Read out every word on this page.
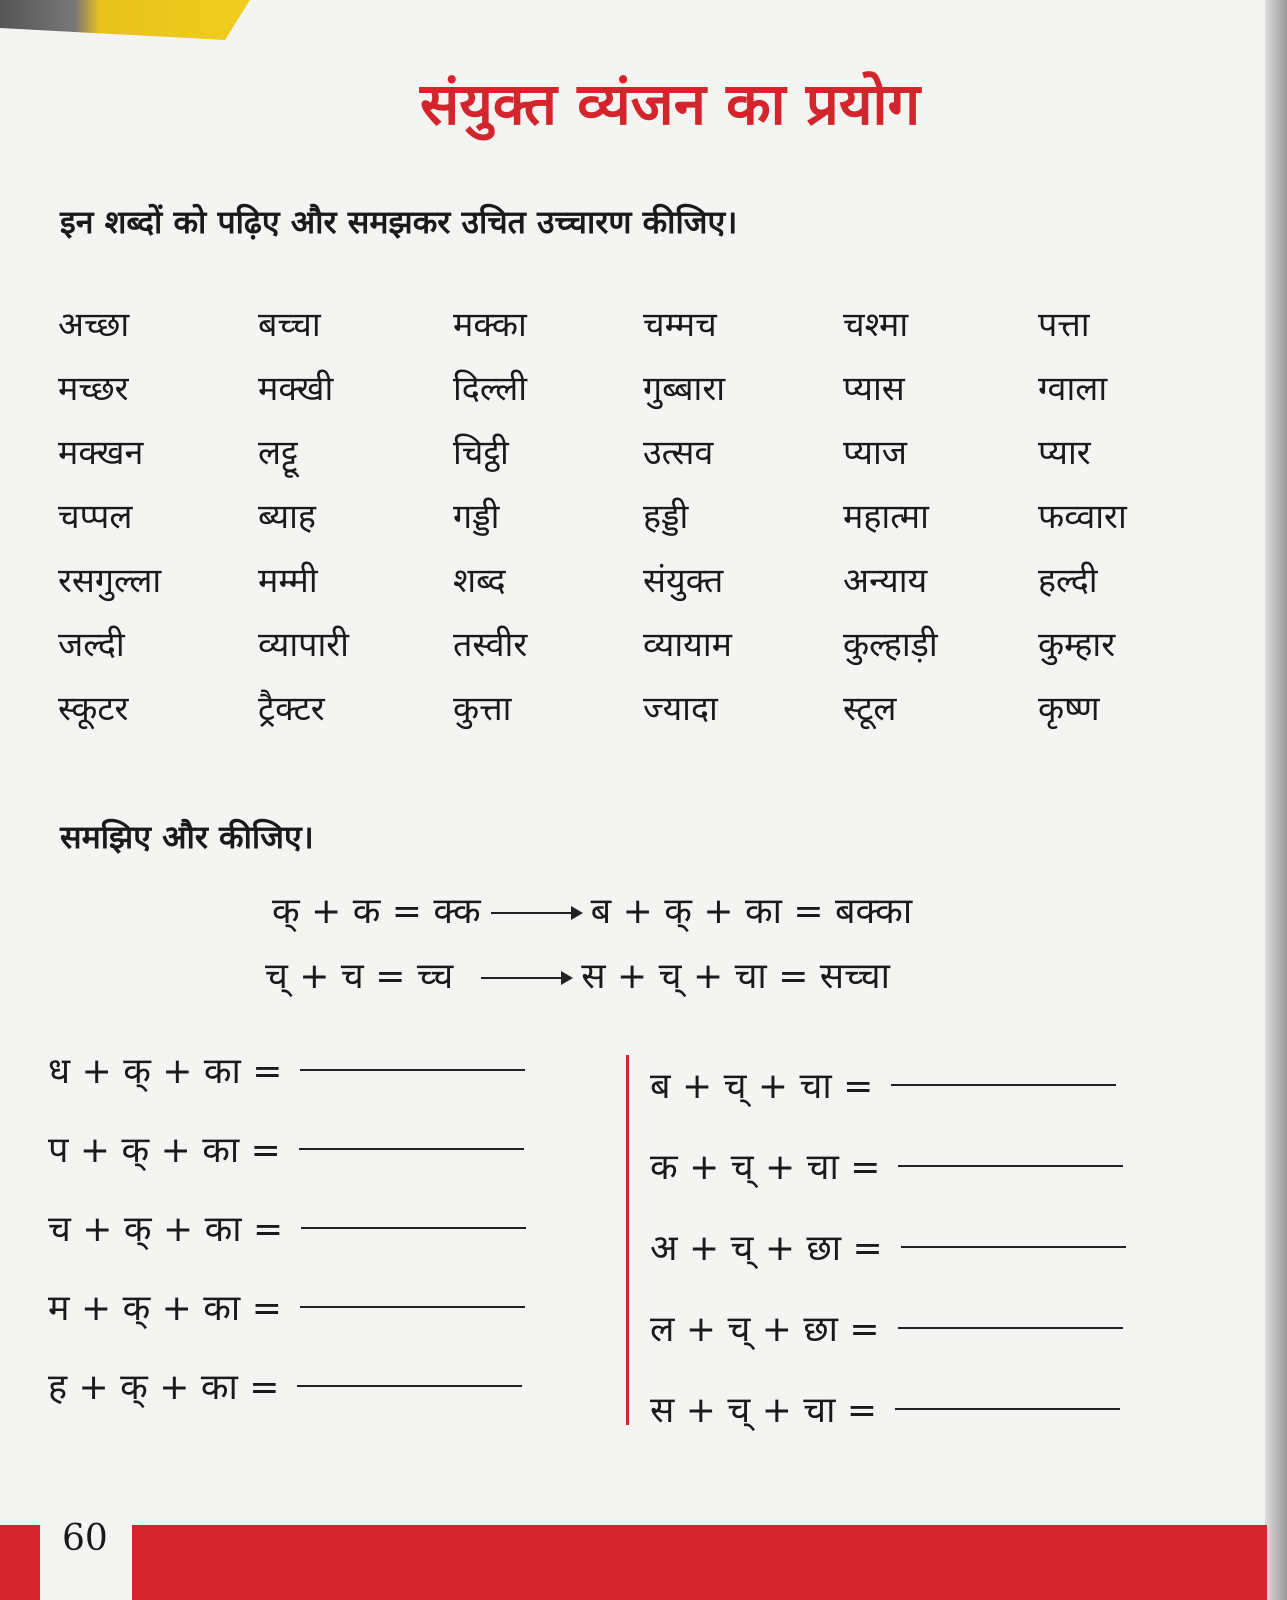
संयुक्त व्यंजन का प्रयोग
इन शब्दों को पढ़िए और समझकर उचित उच्चारण कीजिए।
अच्छा	बच्चा	मक्का	चम्मच	चश्मा	पत्ता
मच्छर	मक्खी	दिल्ली	गुब्बारा	प्यास	ग्वाला
मक्खन	लट्टू	चिट्ठी	उत्सव	प्याज	प्यार
चप्पल	ब्याह	गड्डी	हड्डी	महात्मा	फव्वारा
रसगुल्ला	मम्मी	शब्द	संयुक्त	अन्याय	हल्दी
जल्दी	व्यापारी	तस्वीर	व्यायाम	कुल्हाड़ी	कुम्हार
स्कूटर	ट्रैक्टर	कुत्ता	ज्यादा	स्टूल	कृष्ण
समझिए और कीजिए।
क् + क = क्क	ब + क् + का = बक्का
च् + च = च्च	स + च् + चा = सच्चा
ध + क् + का =
प + क् + का =
च + क् + का =
म + क् + का =
ह + क् + का =
ब + च् + चा =
क + च् + चा =
अ + च् + छा =
ल + च् + छा =
स + च् + चा =
60
